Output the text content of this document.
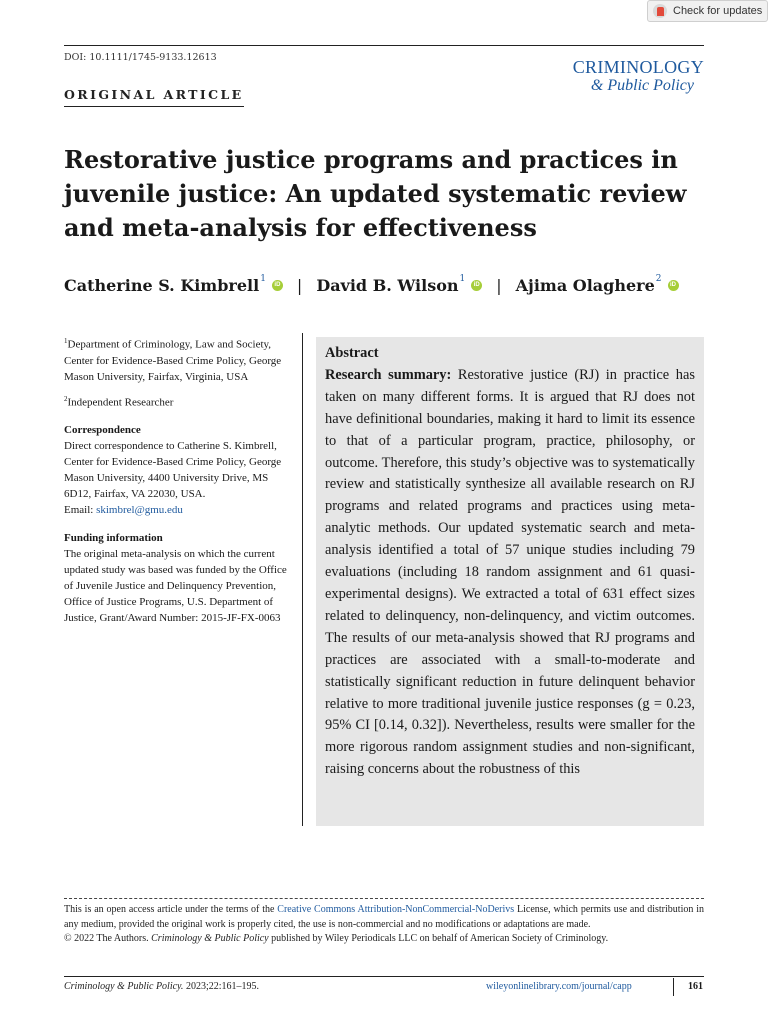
Check for updates
DOI: 10.1111/1745-9133.12613	CRIMINOLOGY
& Public Policy
ORIGINAL ARTICLE
Restorative justice programs and practices in juvenile justice: An updated systematic review and meta-analysis for effectiveness
Catherine S. Kimbrell$^1$
iD | David B. Wilson$^1$
iD | Ajima Olaghere$^2$
iD

$^1$Department of Criminology, Law and Society, Center for Evidence-Based Crime Policy, George Mason University, Fairfax, Virginia, USA

$^2$Independent Researcher

Correspondence

Direct correspondence to Catherine S. Kimbrell, Center for Evidence-Based Crime Policy, George Mason University, 4400 University Drive, MS 6D12, Fairfax, VA 22030, USA.
Email: skimbrel@gmu.edu

Funding information

The original meta-analysis on which the current updated study was based was funded by the Office of Juvenile Justice and Delinquency Prevention, Office of Justice Programs, U.S. Department of Justice, Grant/Award Number: 2015-JF-FX-0063

Abstract
Research summary: Restorative justice (RJ) in practice has taken on many different forms. It is argued that RJ does not have definitional boundaries, making it hard to limit its essence to that of a particular program, practice, philosophy, or outcome. Therefore, this study’s objective was to systematically review and statistically synthesize all available research on RJ programs and related programs and practices using meta-analytic methods. Our updated systematic search and meta-analysis identified a total of 57 unique studies including 79 evaluations (including 18 random assignment and 61 quasi-experimental designs). We extracted a total of 631 effect sizes related to delinquency, non-delinquency, and victim outcomes. The results of our meta-analysis showed that RJ programs and practices are associated with a small-to-moderate and statistically significant reduction in future delinquent behavior relative to more traditional juvenile justice responses (g = 0.23, 95% CI [0.14, 0.32]). Nevertheless, results were smaller for the more rigorous random assignment studies and non-significant, raising concerns about the robustness of this

This is an open access article under the terms of the Creative Commons Attribution-NonCommercial-NoDerivs License, which permits use and distribution in any medium, provided the original work is properly cited, the use is non-commercial and no modifications or adaptations are made.

© 2022 The Authors. Criminology & Public Policy published by Wiley Periodicals LLC on behalf of American Society of Criminology.

Criminology & Public Policy. 2023;22:161–195.	wileyonlinelibrary.com/journal/capp	161
